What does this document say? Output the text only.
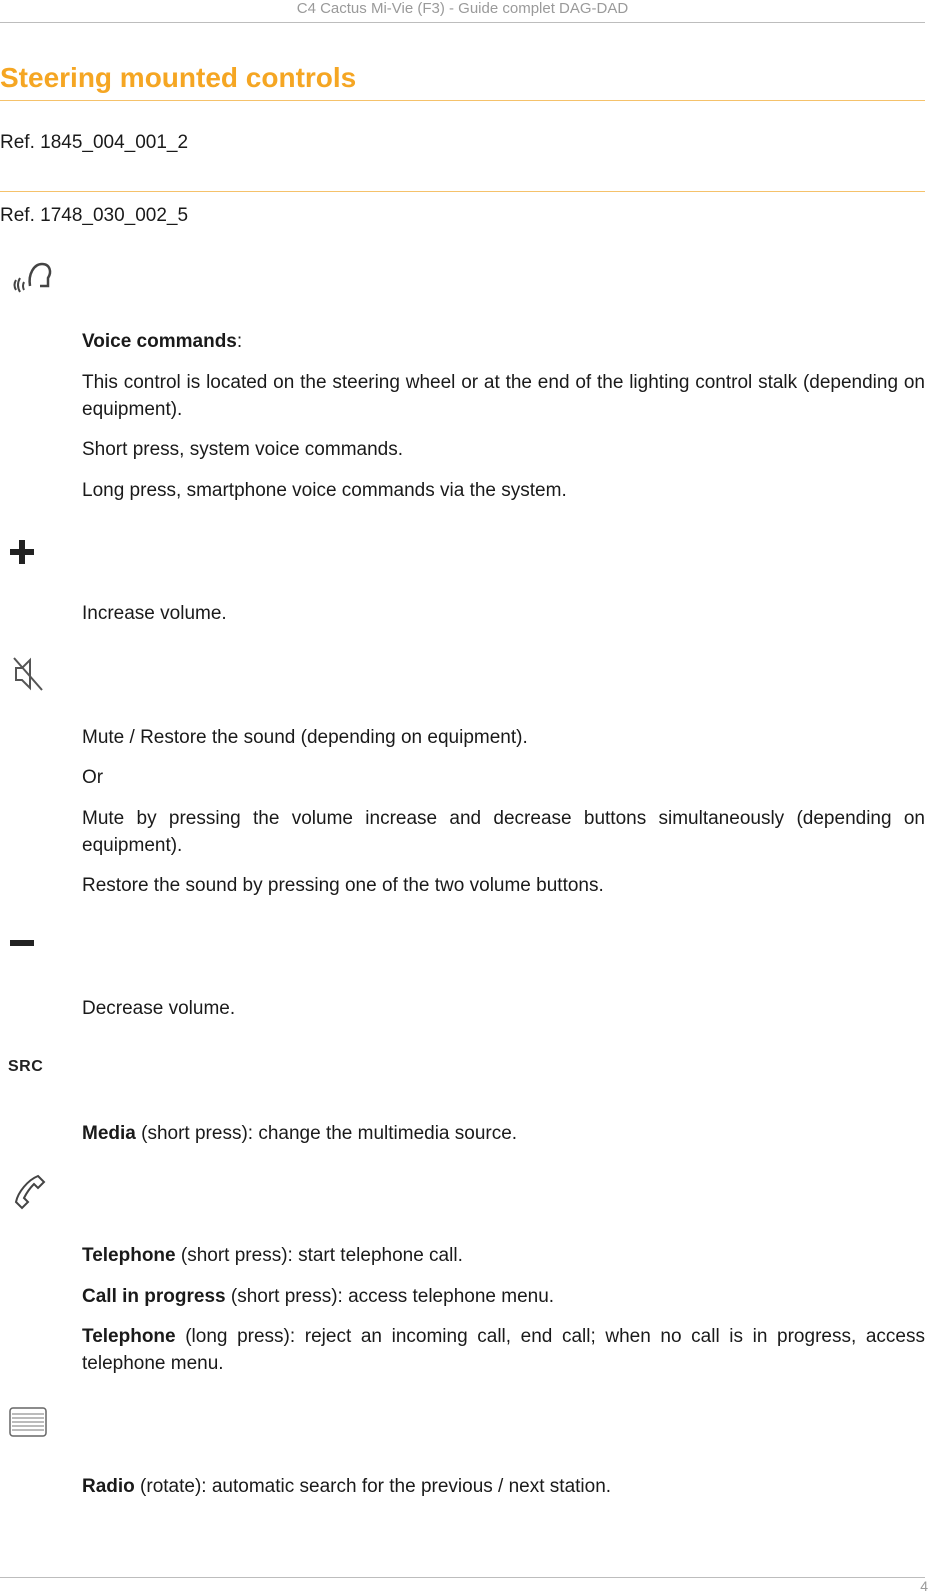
C4 Cactus Mi-Vie (F3) - Guide complet DAG-DAD
Steering mounted controls
Ref. 1845_004_001_2
Ref. 1748_030_002_5
Voice commands:
This control is located on the steering wheel or at the end of the lighting control stalk (depending on equipment).
Short press, system voice commands.
Long press, smartphone voice commands via the system.
Increase volume.
Mute / Restore the sound (depending on equipment).
Or
Mute by pressing the volume increase and decrease buttons simultaneously (depending on equipment).
Restore the sound by pressing one of the two volume buttons.
Decrease volume.
SRC
Media (short press): change the multimedia source.
Telephone (short press): start telephone call.
Call in progress (short press): access telephone menu.
Telephone (long press): reject an incoming call, end call; when no call is in progress, access telephone menu.
Radio (rotate): automatic search for the previous / next station.
4
